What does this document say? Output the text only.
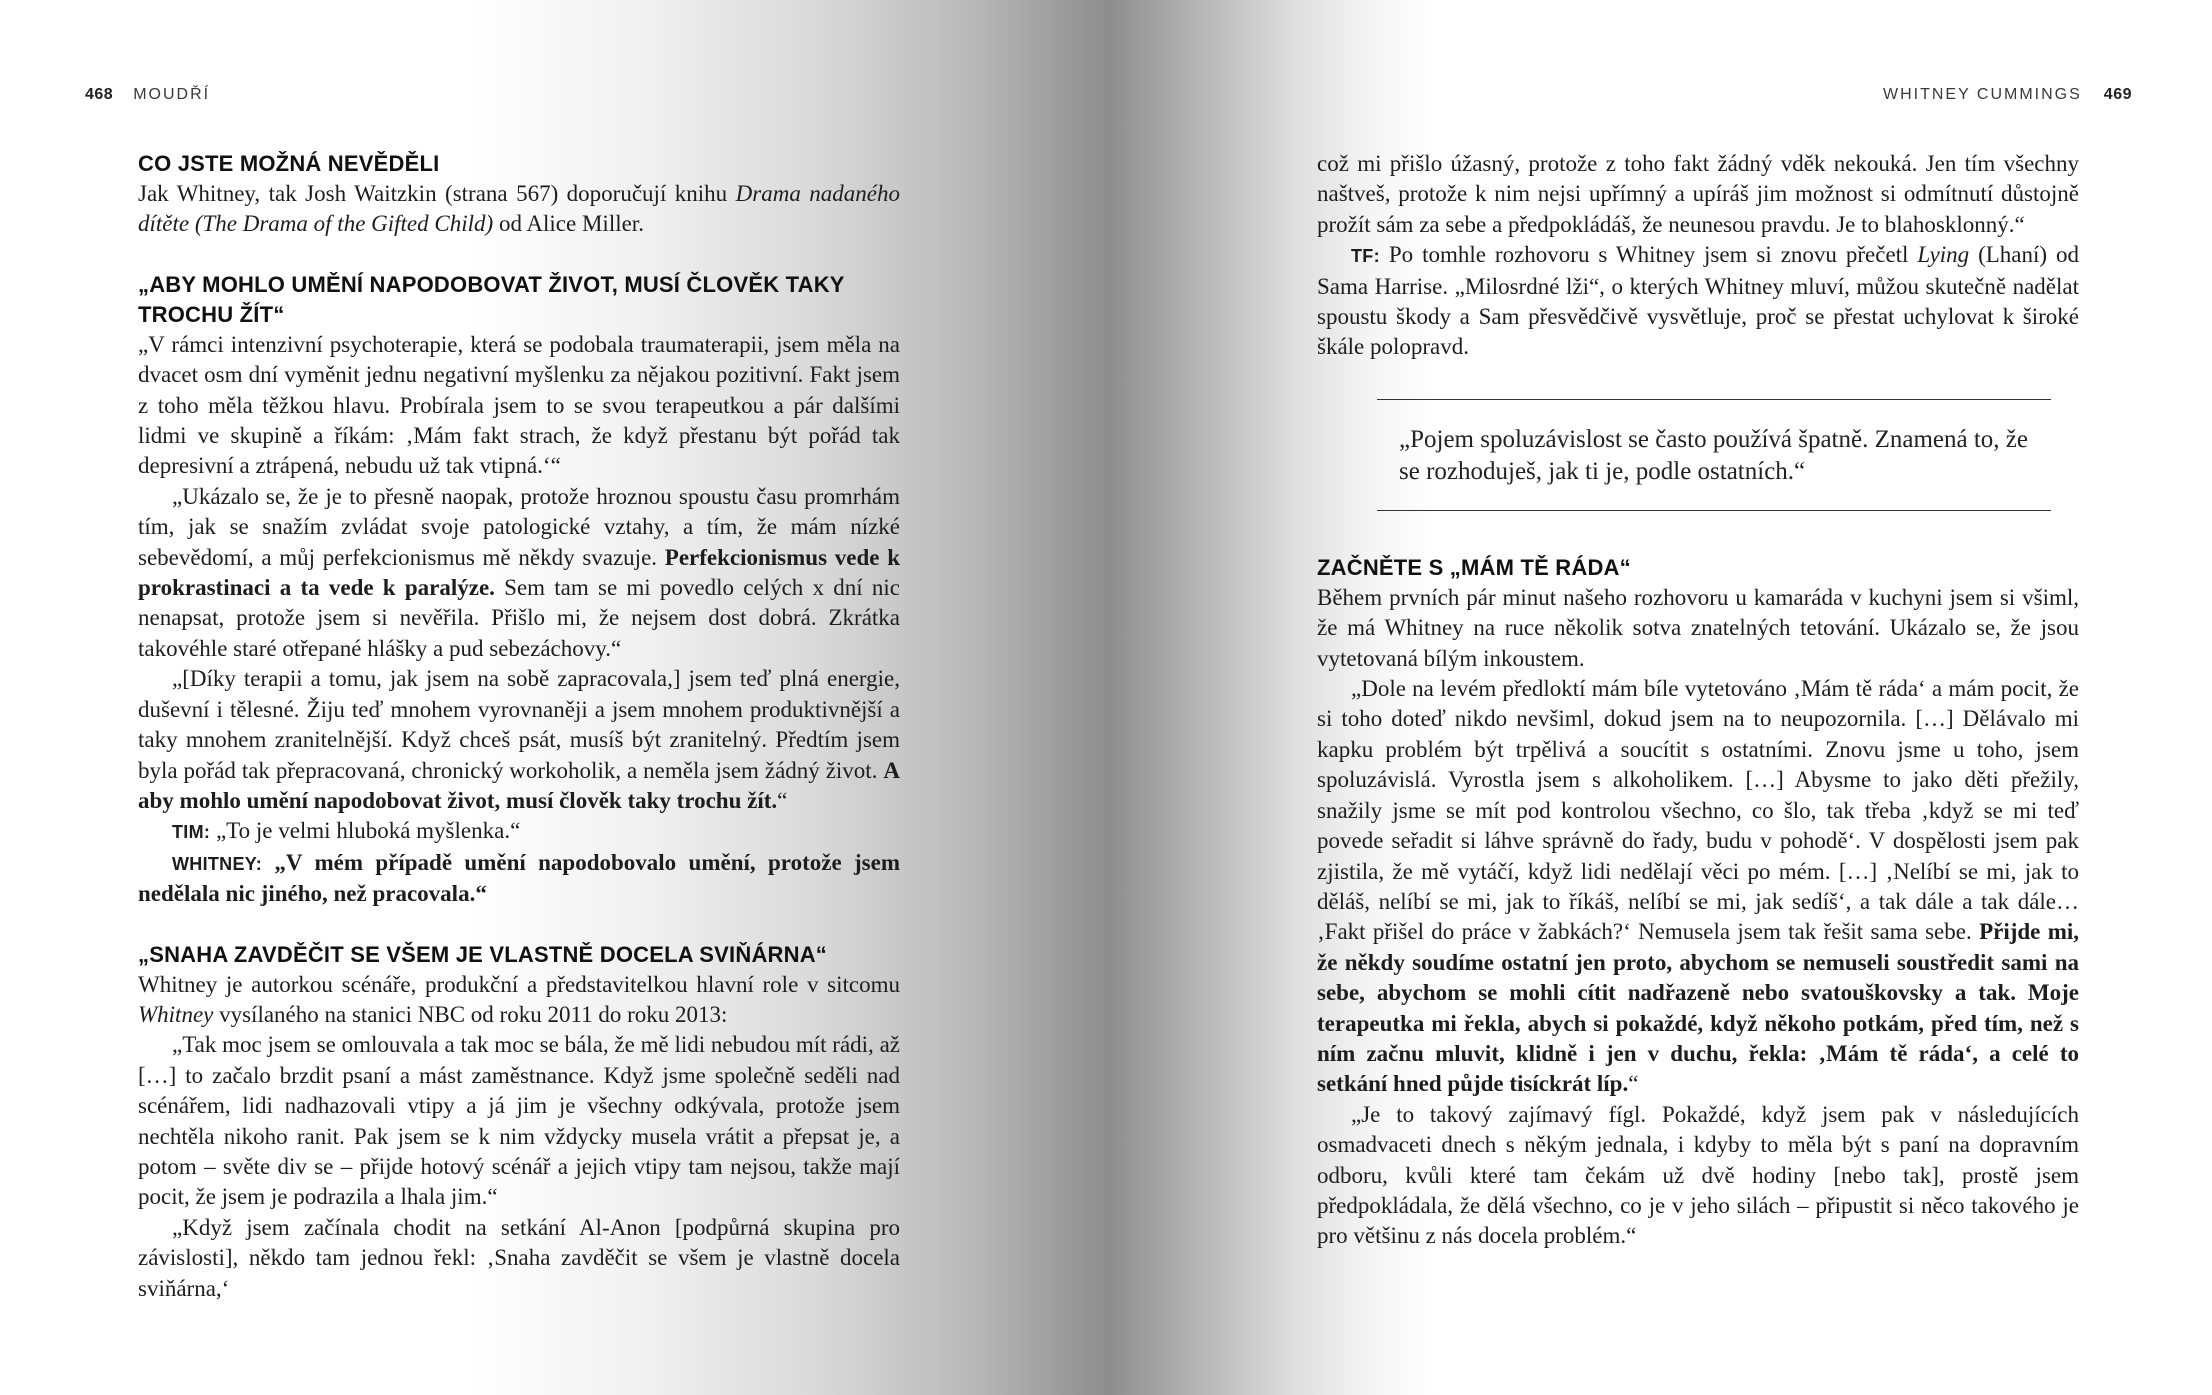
468 MOUDŘÍ
CO JSTE MOŽNÁ NEVĚDĚLI

Jak Whitney, tak Josh Waitzkin (strana 567) doporučují knihu Drama nadaného dítěte (The Drama of the Gifted Child) od Alice Miller.

„ABY MOHLO UMĚNÍ NAPODOBOVAT ŽIVOT, MUSÍ ČLOVĚK TAKY TROCHU ŽÍT“

„V rámci intenzivní psychoterapie, která se podobala traumaterapii, jsem měla na dvacet osm dní vyměnit jednu negativní myšlenku za nějakou pozitivní. Fakt jsem z toho měla těžkou hlavu. Probírala jsem to se svou terapeutkou a pár dalšími lidmi ve skupině a říkám: ‚Mám fakt strach, že když přestanu být pořád tak depresivní a ztrápená, nebudu už tak vtipná.‘“

„Ukázalo se, že je to přesně naopak, protože hroznou spoustu času promrhám tím, jak se snažím zvládat svoje patologické vztahy, a tím, že mám nízké sebevědomí, a můj perfekcionismus mě někdy svazuje. Perfekcionismus vede k prokrastinaci a ta vede k paralýze. Sem tam se mi povedlo celých x dní nic nenapsat, protože jsem si nevěřila. Přišlo mi, že nejsem dost dobrá. Zkrátka takovéhle staré otřepané hlášky a pud sebezáchovy.“

„[Díky terapii a tomu, jak jsem na sobě zapracovala,] jsem teď plná energie, duševní i tělesné. Žiju teď mnohem vyrovnaněji a jsem mnohem produktivnější a taky mnohem zranitelnější. Když chceš psát, musíš být zranitelný. Předtím jsem byla pořád tak přepracovaná, chronický workoholik, a neměla jsem žádný život. A aby mohlo umění napodobovat život, musí člověk taky trochu žít.“

TIM: „To je velmi hluboká myšlenka.“

WHITNEY: „V mém případě umění napodobovalo umění, protože jsem nedělala nic jiného, než pracovala.“

„SNAHA ZAVDĚČIT SE VŠEM JE VLASTNĚ DOCELA SVIŇÁRNA“

Whitney je autorkou scénáře, produkční a představitelkou hlavní role v sitcomu Whitney vysílaného na stanici NBC od roku 2011 do roku 2013:

„Tak moc jsem se omlouvala a tak moc se bála, že mě lidi nebudou mít rádi, až […] to začalo brzdit psaní a mást zaměstnance. Když jsme společně seděli nad scénářem, lidi nadhazovali vtipy a já jim je všechny odkývala, protože jsem nechtěla nikoho ranit. Pak jsem se k nim vždycky musela vrátit a přepsat je, a potom – světe div se – přijde hotový scénář a jejich vtipy tam nejsou, takže mají pocit, že jsem je podrazila a lhala jim.“

„Když jsem začínala chodit na setkání Al-Anon [podpůrná skupina pro závislosti], někdo tam jednou řekl: ‚Snaha zavděčit se všem je vlastně docela sviňárna,‘

WHITNEY CUMMINGS 469

což mi přišlo úžasný, protože z toho fakt žádný vděk nekouká. Jen tím všechny naštveš, protože k nim nejsi upřímný a upíráš jim možnost si odmítnutí důstojně prožít sám za sebe a předpokládáš, že neunesou pravdu. Je to blahosklonný.“

TF: Po tomhle rozhovoru s Whitney jsem si znovu přečetl Lying (Lhaní) od Sama Harrise. „Milosrdné lži“, o kterých Whitney mluví, můžou skutečně nadělat spoustu škody a Sam přesvědčivě vysvětluje, proč se přestat uchylovat k široké škále polopravd.

„Pojem spoluzávislost se často používá špatně. Znamená to, že se rozhoduješ, jak ti je, podle ostatních.“
ZAČNĚTE S „MÁM TĚ RÁDA“

Během prvních pár minut našeho rozhovoru u kamaráda v kuchyni jsem si všiml, že má Whitney na ruce několik sotva znatelných tetování. Ukázalo se, že jsou vytetovaná bílým inkoustem.

„Dole na levém předloktí mám bíle vytetováno ‚Mám tě ráda‘ a mám pocit, že si toho doteď nikdo nevšiml, dokud jsem na to neupozornila. […] Dělávalo mi kapku problém být trpělivá a soucítit s ostatními. Znovu jsme u toho, jsem spoluzávislá. Vyrostla jsem s alkoholikem. […] Abysme to jako děti přežily, snažily jsme se mít pod kontrolou všechno, co šlo, tak třeba ‚když se mi teď povede seřadit si láhve správně do řady, budu v pohodě‘. V dospělosti jsem pak zjistila, že mě vytáčí, když lidi nedělají věci po mém. […] ‚Nelíbí se mi, jak to děláš, nelíbí se mi, jak to říkáš, nelíbí se mi, jak sedíš‘, a tak dále a tak dále… ‚Fakt přišel do práce v žabkách?‘ Nemusela jsem tak řešit sama sebe. Přijde mi, že někdy soudíme ostatní jen proto, abychom se nemuseli soustředit sami na sebe, abychom se mohli cítit nadřazeně nebo svatouškovsky a tak. Moje terapeutka mi řekla, abych si pokaždé, když někoho potkám, před tím, než s ním začnu mluvit, klidně i jen v duchu, řekla: ‚Mám tě ráda‘, a celé to setkání hned půjde tisíckrát líp.“

„Je to takový zajímavý fígl. Pokaždé, když jsem pak v následujících osmadvaceti dnech s někým jednala, i kdyby to měla být s paní na dopravním odboru, kvůli které tam čekám už dvě hodiny [nebo tak], prostě jsem předpokládala, že dělá všechno, co je v jeho silách – připustit si něco takového je pro většinu z nás docela problém.“
